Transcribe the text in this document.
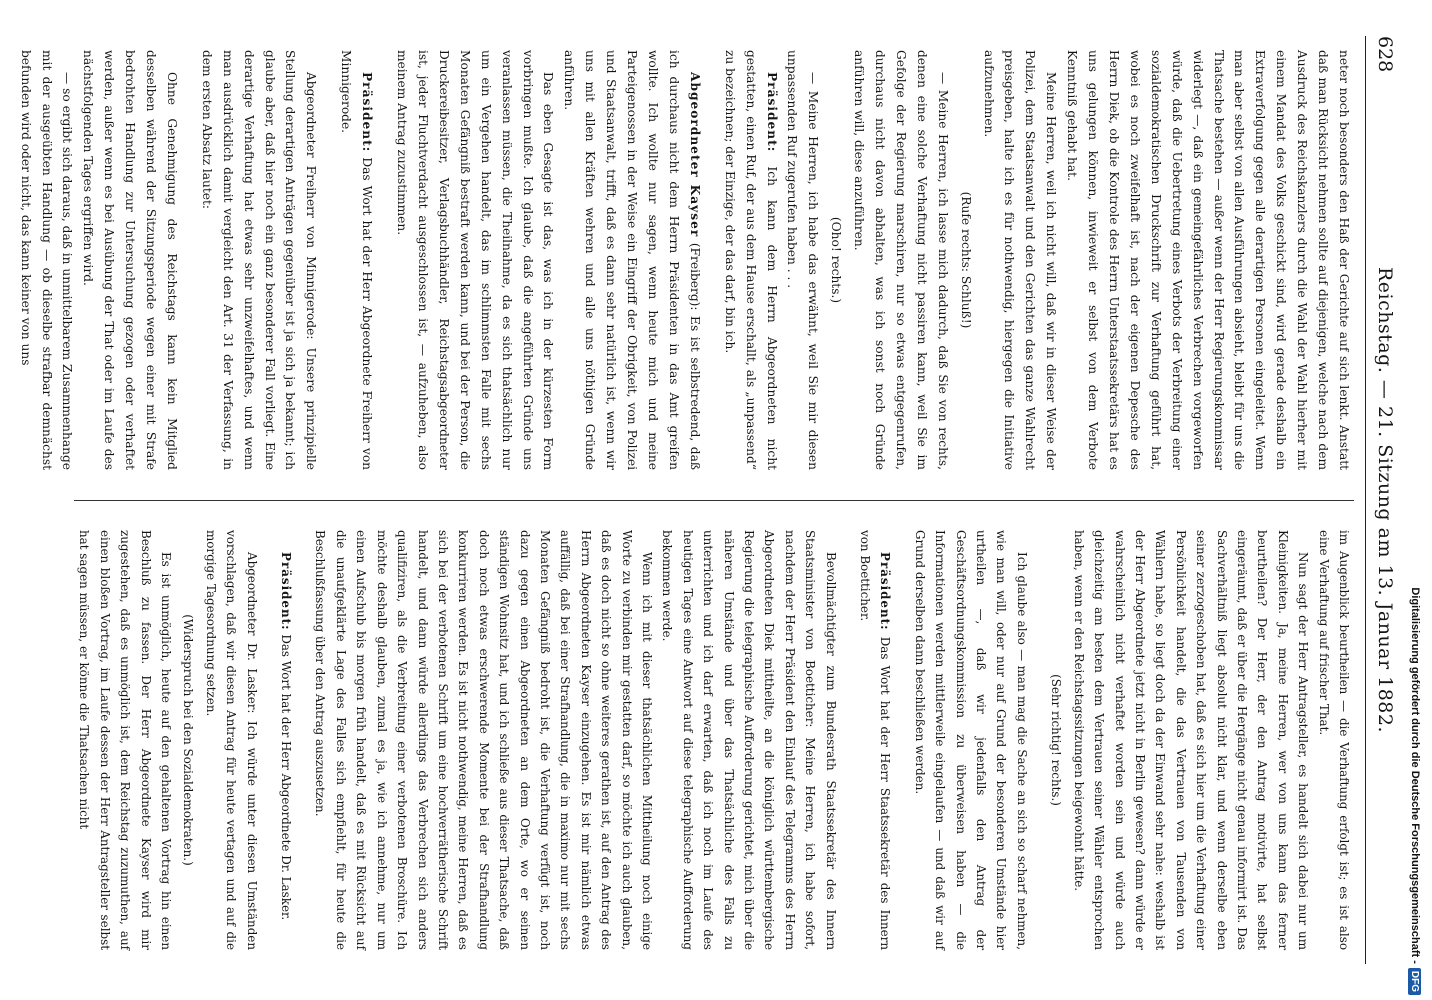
628
Reichstag. — 21. Sitzung am 13. Januar 1882.

neter noch besonders den Haß der Gerichte auf sich lenkt. Anstatt daß man Rücksicht nehmen sollte auf diejenigen, welche nach dem Ausdruck des Reichskanzlers durch die Wahl der Wahl hierher mit einem Mandat des Volks geschickt sind, wird gerade deshalb ein Extraverfolgung gegen alle derartigen Personen eingeleitet. Wenn man aber selbst von allen Ausführungen absieht, bleibt für uns die Thatsache bestehen — außer wenn der Herr Regierungskommissar widerlegt —, daß ein gemeingefährliches Verbrechen vorgeworfen würde, daß die Uebertretung eines Verbots der Verbreitung einer sozialdemokratischen Druckschrift zur Verhaftung geführt hat, wobei es noch zweifelhaft ist, nach der eigenen Depesche des Herrn Diek, ob die Kontrole des Herrn Unterstaatssekretärs hat es uns gelungen können, inwieweit er selbst von dem Verbote Kenntniß gehabt hat.

Meine Herren, weil ich nicht will, daß wir in dieser Weise der Polizei, dem Staatsanwalt und den Gerichten das ganze Wahlrecht preisgeben, halte ich es für nothwendig, hiergegen die Initiative aufzunehmen.

(Rufe rechts: Schluß!)

— Meine Herren, ich lasse mich dadurch, daß Sie von rechts, denen eine solche Verhaftung nicht passiren kann, weil Sie im Gefolge der Regierung marschiren, nur so etwas entgegenrufen, durchaus nicht davon abhalten, was ich sonst noch Gründe anführen will, diese anzuführen.

(Oho! rechts.)

— Meine Herren, ich habe das erwähnt, weil Sie mir diesen unpassenden Ruf zugerufen haben . . .

Präsident: Ich kann dem Herrn Abgeordneten nicht gestatten, einen Ruf, der aus dem Hause erschallt, als „unpassend“ zu bezeichnen; der Einzige, der das darf, bin ich.

Abgeordneter Kayser (Freiberg): Es ist selbstredend, daß ich durchaus nicht dem Herrn Präsidenten in das Amt greifen wollte. Ich wollte nur sagen, wenn heute mich und meine Parteigenossen in der Weise ein Eingriff der Obrigkeit, von Polizei und Staatsanwalt, trifft, daß es dann sehr natürlich ist, wenn wir uns mit allen Kräften wehren und alle uns nöthigen Gründe anführen.

Das eben Gesagte ist das, was ich in der kürzesten Form vorbringen mußte. Ich glaube, daß die angeführten Gründe uns veranlassen müssen, die Theilnahme, da es sich thatsächlich nur um ein Vergehen handelt, das im schlimmsten Falle mit sechs Monaten Gefängniß bestraft werden kann, und bei der Person, die Druckereibesitzer, Verlagsbuchhändler, Reichstagsabgeordneter ist, jeder Fluchtverdacht ausgeschlossen ist, — aufzuheben, also meinem Antrag zuzustimmen.

Präsident: Das Wort hat der Herr Abgeordnete Freiherr von Minnigerode.

Abgeordneter Freiherr von Minnigerode: Unsere prinzipielle Stellung derartigen Anträgen gegenüber ist ja sich ja bekannt; ich glaube aber, daß hier noch ein ganz besonderer Fall vorliegt. Eine derartige Verhaftung hat etwas sehr unzweifelhaftes, und wenn man ausdrücklich damit vergleicht den Art. 31 der Verfassung, in dem ersten Absatz lautet:

Ohne Genehmigung des Reichstags kann kein Mitglied desselben während der Sitzungsperiode wegen einer mit Strafe bedrohten Handlung zur Untersuchung gezogen oder verhaftet werden, außer wenn es bei Ausübung der That oder im Laufe des nächstfolgenden Tages ergriffen wird.

— so ergibt sich daraus, daß in unmittelbarem Zusammenhange mit der ausgeübten Handlung — ob dieselbe strafbar demnächst befunden wird oder nicht, das kann keiner von uns

im Augenblick beurtheilen — die Verhaftung erfolgt ist; es ist also eine Verhaftung auf frischer That.

Nun sagt der Herr Antragsteller, es handelt sich dabei nur um Kleinigkeiten. Ja, meine Herren, wer von uns kann das ferner beurtheilen? Der Herr, der den Antrag motivirte, hat selbst eingeräumt, daß er über die Hergänge nicht genau informirt ist. Das Sachverhältniß liegt absolut nicht klar, und wenn derselbe eben seiner zerzogeschoben hat, daß es sich hier um die Verhaftung einer Persönlichkeit handelt, die das Vertrauen von Tausenden von Wählern habe, so liegt doch da der Einwand sehr nahe: weshalb ist der Herr Abgeordnete jetzt nicht in Berlin gewesen? dann würde er wahrscheinlich nicht verhaftet worden sein und würde auch gleichzeitig am besten dem Vertrauen seiner Wähler entsprochen haben, wenn er den Reichstagssitzungen beigewohnt hätte.

(Sehr richtig! rechts.)

Ich glaube also — man mag die Sache an sich so scharf nehmen, wie man will, oder nur auf Grund der besonderen Umstände hier urtheilen —, daß wir jedenfalls den Antrag der Geschäftsordnungskommission zu überweisen haben — die Informationen werden mittlerweile eingelaufen — und daß wir auf Grund derselben dann beschließen werden.

Präsident: Das Wort hat der Herr Staatssekretär des Innern von Boetticher.

Bevollmächtigter zum Bundesrath Staatssekretär des Innern Staatsminister von Boetticher: Meine Herren, ich habe sofort, nachdem der Herr Präsident den Einlauf des Telegramms des Herrn Abgeordneten Diek mittheilte, an die königlich württembergische Regierung die telegraphische Aufforderung gerichtet, mich über die näheren Umstände und über das Thatsächliche des Falls zu unterrichten und ich darf erwarten, daß ich noch im Laufe des heutigen Tages eine Antwort auf diese telegraphische Aufforderung bekommen werde.

Wenn ich mit dieser thatsächlichen Mittheilung noch einige Worte zu verbinden mir gestatten darf, so möchte ich auch glauben, daß es doch nicht so ohne weiteres gerathen ist, auf den Antrag des Herrn Abgeordneten Kayser einzugehen. Es ist mir nämlich etwas auffällig, daß bei einer Strafhandlung, die in maximo nur mit sechs Monaten Gefängniß bedroht ist, die Verhaftung verfügt ist, noch dazu gegen einen Abgeordneten an dem Orte, wo er seinen ständigen Wohnsitz hat, und ich schließe aus dieser Thatsache, daß doch noch etwas erschwerende Momente bei der Strafhandlung konkurriren werden. Es ist nicht nothwendig, meine Herren, daß es sich bei der verbotenen Schrift um eine hochverrätherische Schrift handelt, und dann würde allerdings das Verbrechen sich anders qualifiziren, als die Verbreitung einer verbotenen Broschüre. Ich möchte deshalb glauben, zumal es ja, wie ich annehme, nur um einen Aufschub bis morgen früh handelt, daß es mit Rücksicht auf die unaufgeklärte Lage des Falles sich empfiehlt, für heute die Beschlußfassung über den Antrag auszusetzen.

Präsident: Das Wort hat der Herr Abgeordnete Dr. Lasker.

Abgeordneter Dr. Lasker: Ich würde unter diesen Umständen vorschlagen, daß wir diesen Antrag für heute vertagen und auf die morgige Tagesordnung setzen.

(Widerspruch bei den Sozialdemokraten.)

Es ist unmöglich, heute auf den gehaltenen Vortrag hin einen Beschluß zu fassen. Der Herr Abgeordnete Kayser wird mir zugestehen, daß es unmöglich ist, dem Reichstag zuzumuthen, auf einen bloßen Vortrag, im Laufe dessen der Herr Antragsteller selbst hat sagen müssen, er könne die Thatsachen nicht	Digitalisierung gefördert durch die Deutsche Forschungsgemeinschaft -
DFG
